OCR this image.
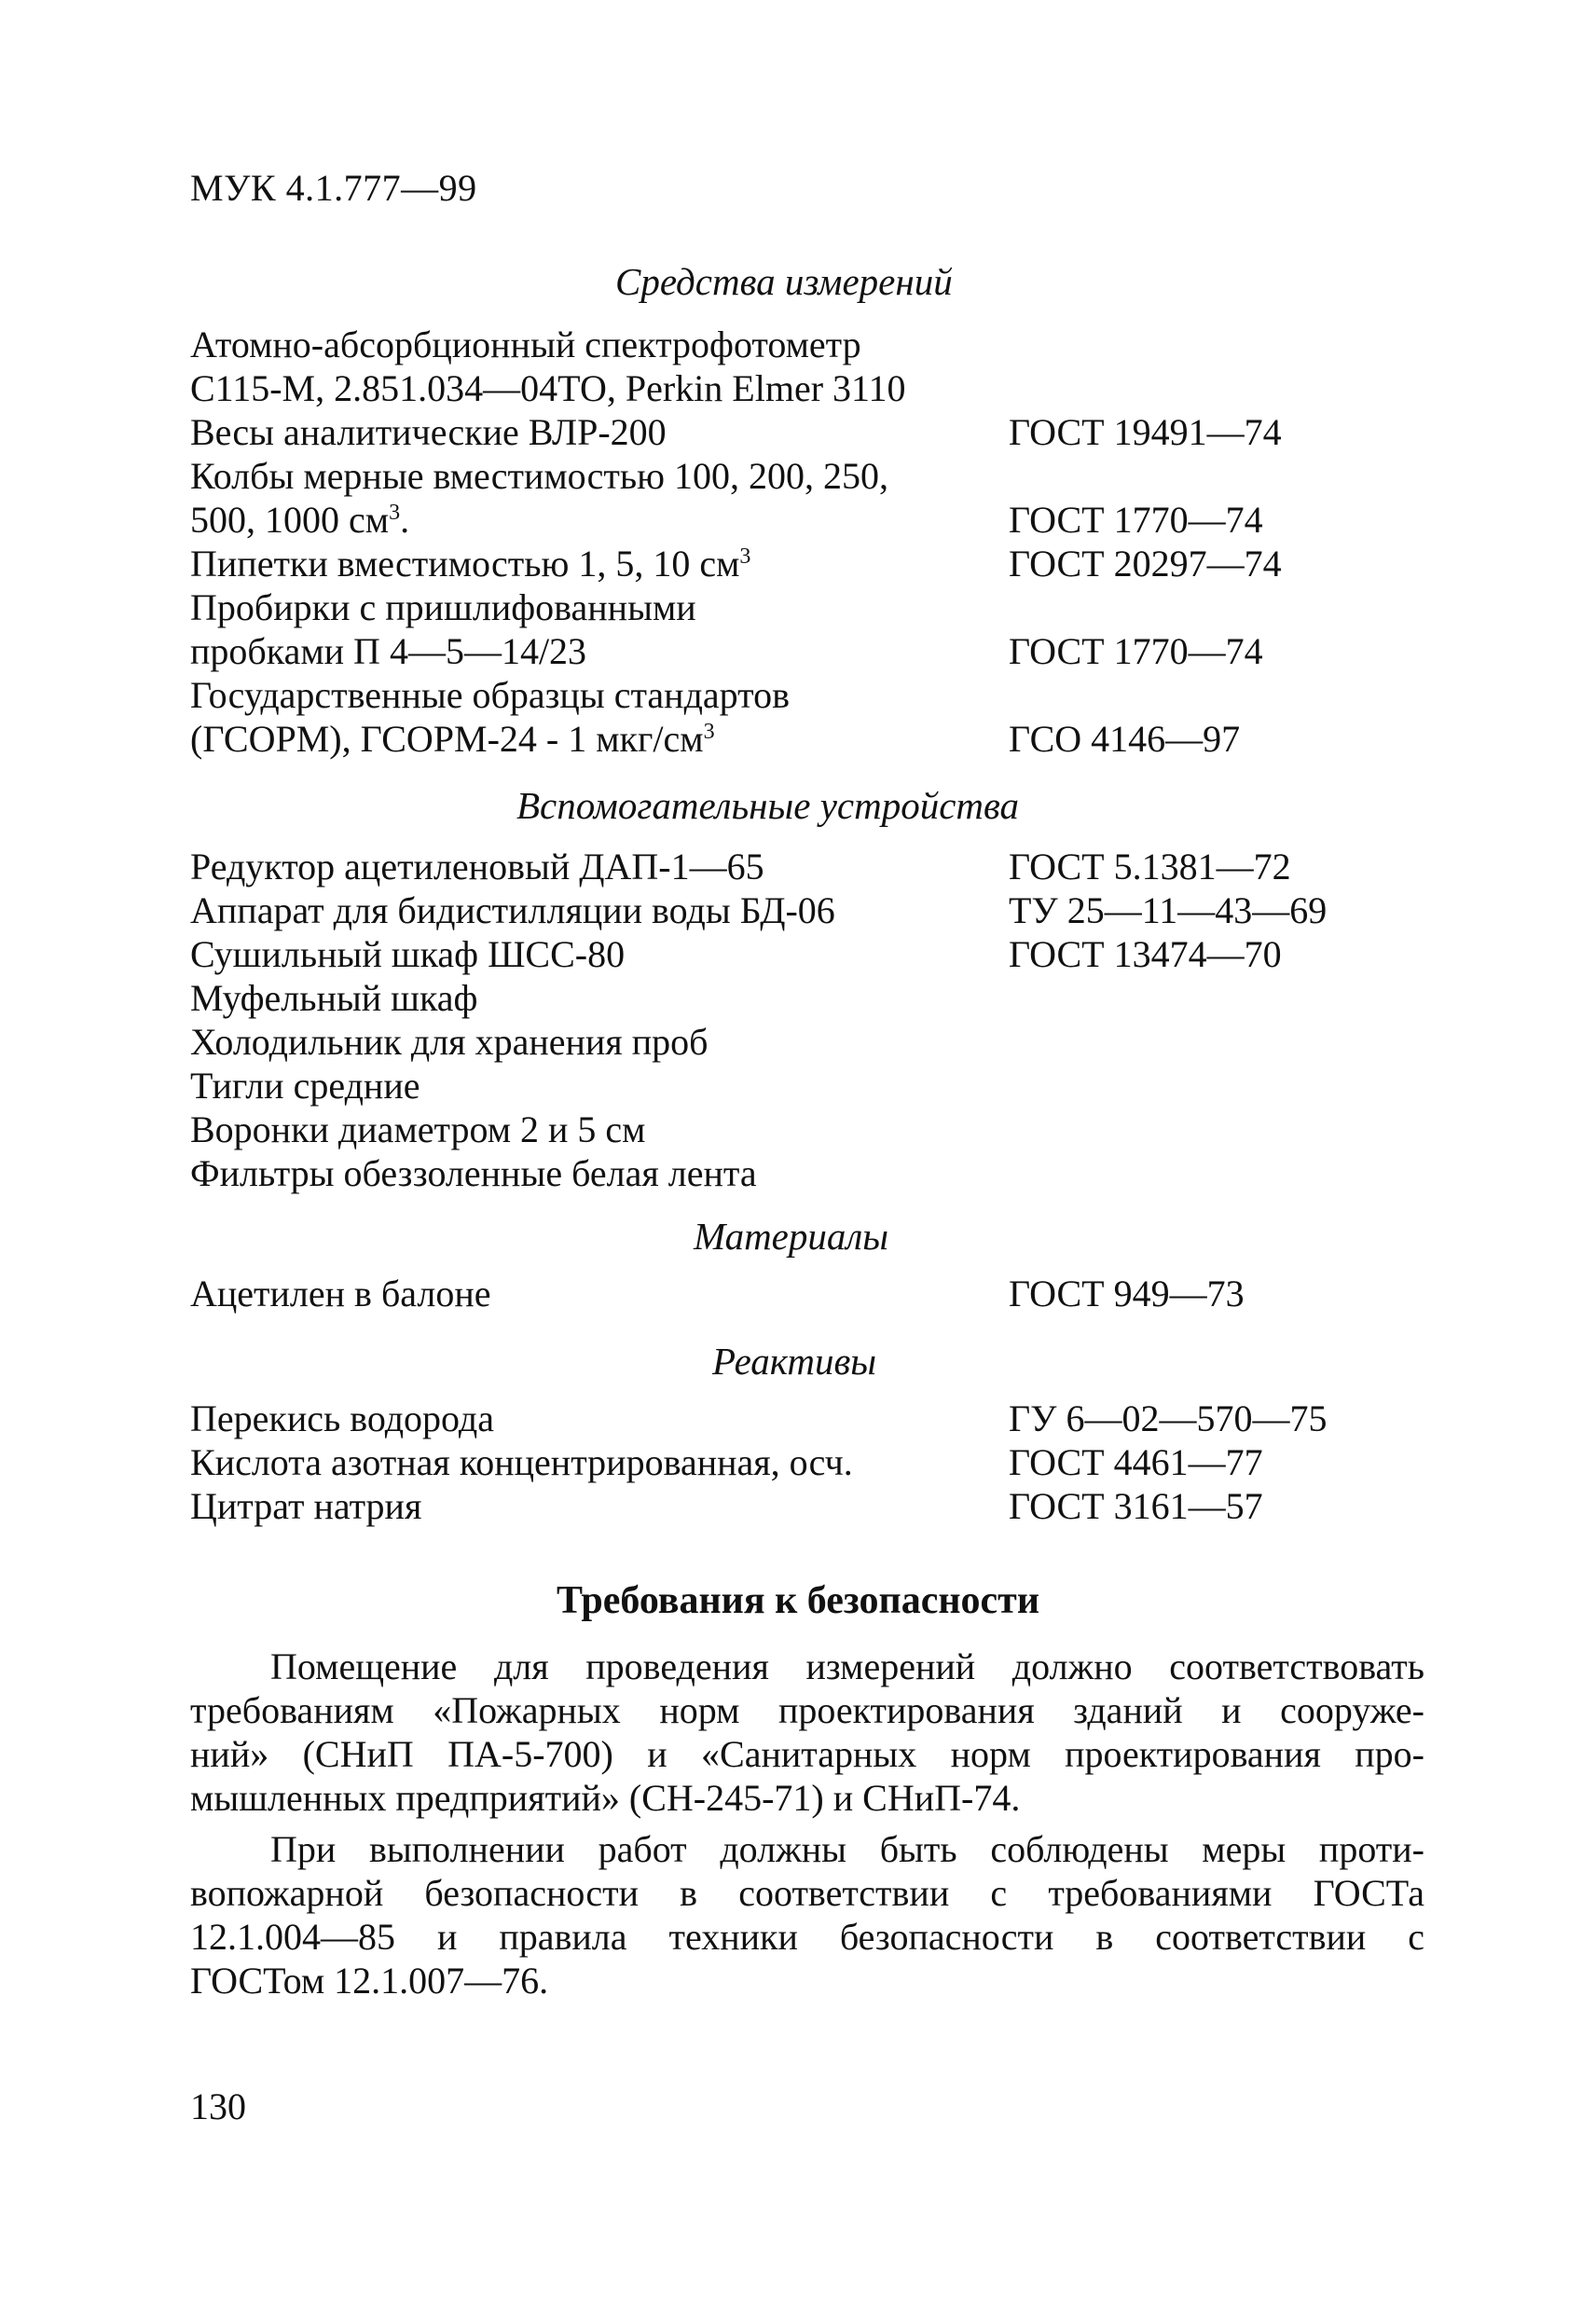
МУК 4.1.777—99
Средства измерений
Атомно-абсорбционный спектрофотометр
С115-М, 2.851.034—04ТО, Perkin Elmer 3110
Весы аналитические ВЛР-200	ГОСТ 19491—74
Колбы мерные вместимостью 100, 200, 250,
500, 1000 $см^3$.	ГОСТ 1770—74
Пипетки вместимостью 1, 5, 10 $см^3$	ГОСТ 20297—74
Пробирки с пришлифованными
пробками П 4—5—14/23	ГОСТ 1770—74
Государственные образцы стандартов
(ГСОРМ), ГСОРМ-24 - 1 мкг/$см^3$	ГСО 4146—97
Вспомогательные устройства
Редуктор ацетиленовый ДАП-1—65	ГОСТ 5.1381—72
Аппарат для бидистилляции воды БД-06	ТУ 25—11—43—69
Сушильный шкаф ШСС-80	ГОСТ 13474—70
Муфельный шкаф
Холодильник для хранения проб
Тигли средние
Воронки диаметром 2 и 5 см
Фильтры обеззоленные белая лента
Материалы
Ацетилен в балоне	ГОСТ 949—73
Реактивы
Перекись водорода	ГУ 6—02—570—75
Кислота азотная концентрированная, осч.	ГОСТ 4461—77
Цитрат натрия	ГОСТ 3161—57
Требования к безопасности
Помещение для проведения измерений должно соответствовать
требованиям «Пожарных норм проектирования зданий и сооруже-
ний» (СНиП ПА-5-700) и «Санитарных норм проектирования про-
мышленных предприятий» (СН-245-71) и СНиП-74.
При выполнении работ должны быть соблюдены меры проти-
вопожарной безопасности в соответствии с требованиями ГОСТа
12.1.004—85 и правила техники безопасности в соответствии с
ГОСТом 12.1.007—76.
130
